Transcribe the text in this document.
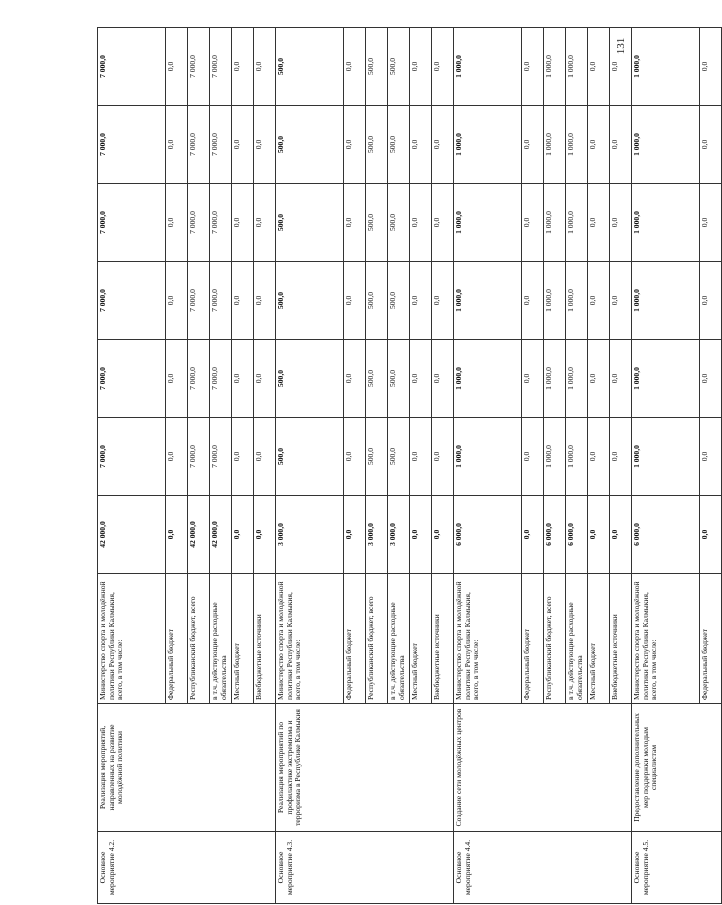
131
Основное мероприятие 4.2.	Реализация мероприятий, направленных на развитие молодёжной политики	Министерство спорта и молодёжной политики Республики Калмыкия, всего, в том числе:	42 000,0	7 000,0	7 000,0	7 000,0	7 000,0	7 000,0	7 000,0
		Федеральный бюджет	0,0	0,0	0,0	0,0	0,0	0,0	0,0
		Республиканский бюджет, всего	42 000,0	7 000,0	7 000,0	7 000,0	7 000,0	7 000,0	7 000,0
		в т.ч. действующие расходные обязательства	42 000,0	7 000,0	7 000,0	7 000,0	7 000,0	7 000,0	7 000,0
		Местный бюджет	0,0	0,0	0,0	0,0	0,0	0,0	0,0
		Внебюджетные источники	0,0	0,0	0,0	0,0	0,0	0,0	0,0
Основное мероприятие 4.3.	Реализация мероприятий по профилактике экстремизма и терроризма в Республике Калмыкия	Министерство спорта и молодёжной политики Республики Калмыкия, всего, в том числе:	3 000,0	500,0	500,0	500,0	500,0	500,0	500,0
		Федеральный бюджет	0,0	0,0	0,0	0,0	0,0	0,0	0,0
		Республиканский бюджет, всего	3 000,0	500,0	500,0	500,0	500,0	500,0	500,0
		в т.ч. действующие расходные обязательства	3 000,0	500,0	500,0	500,0	500,0	500,0	500,0
		Местный бюджет	0,0	0,0	0,0	0,0	0,0	0,0	0,0
		Внебюджетные источники	0,0	0,0	0,0	0,0	0,0	0,0	0,0
Основное мероприятие 4.4.	Создание сети молодёжных центров	Министерство спорта и молодёжной политики Республики Калмыкия, всего, в том числе:	6 000,0	1 000,0	1 000,0	1 000,0	1 000,0	1 000,0	1 000,0
		Федеральный бюджет	0,0	0,0	0,0	0,0	0,0	0,0	0,0
		Республиканский бюджет, всего	6 000,0	1 000,0	1 000,0	1 000,0	1 000,0	1 000,0	1 000,0
		в т.ч. действующие расходные обязательства	6 000,0	1 000,0	1 000,0	1 000,0	1 000,0	1 000,0	1 000,0
		Местный бюджет	0,0	0,0	0,0	0,0	0,0	0,0	0,0
		Внебюджетные источники	0,0	0,0	0,0	0,0	0,0	0,0	0,0
Основное мероприятие 4.5.	Предоставление дополнительных мер поддержки молодым специалистам	Министерство спорта и молодёжной политики Республики Калмыкия, всего, в том числе:	6 000,0	1 000,0	1 000,0	1 000,0	1 000,0	1 000,0	1 000,0
		Федеральный бюджет	0,0	0,0	0,0	0,0	0,0	0,0	0,0
